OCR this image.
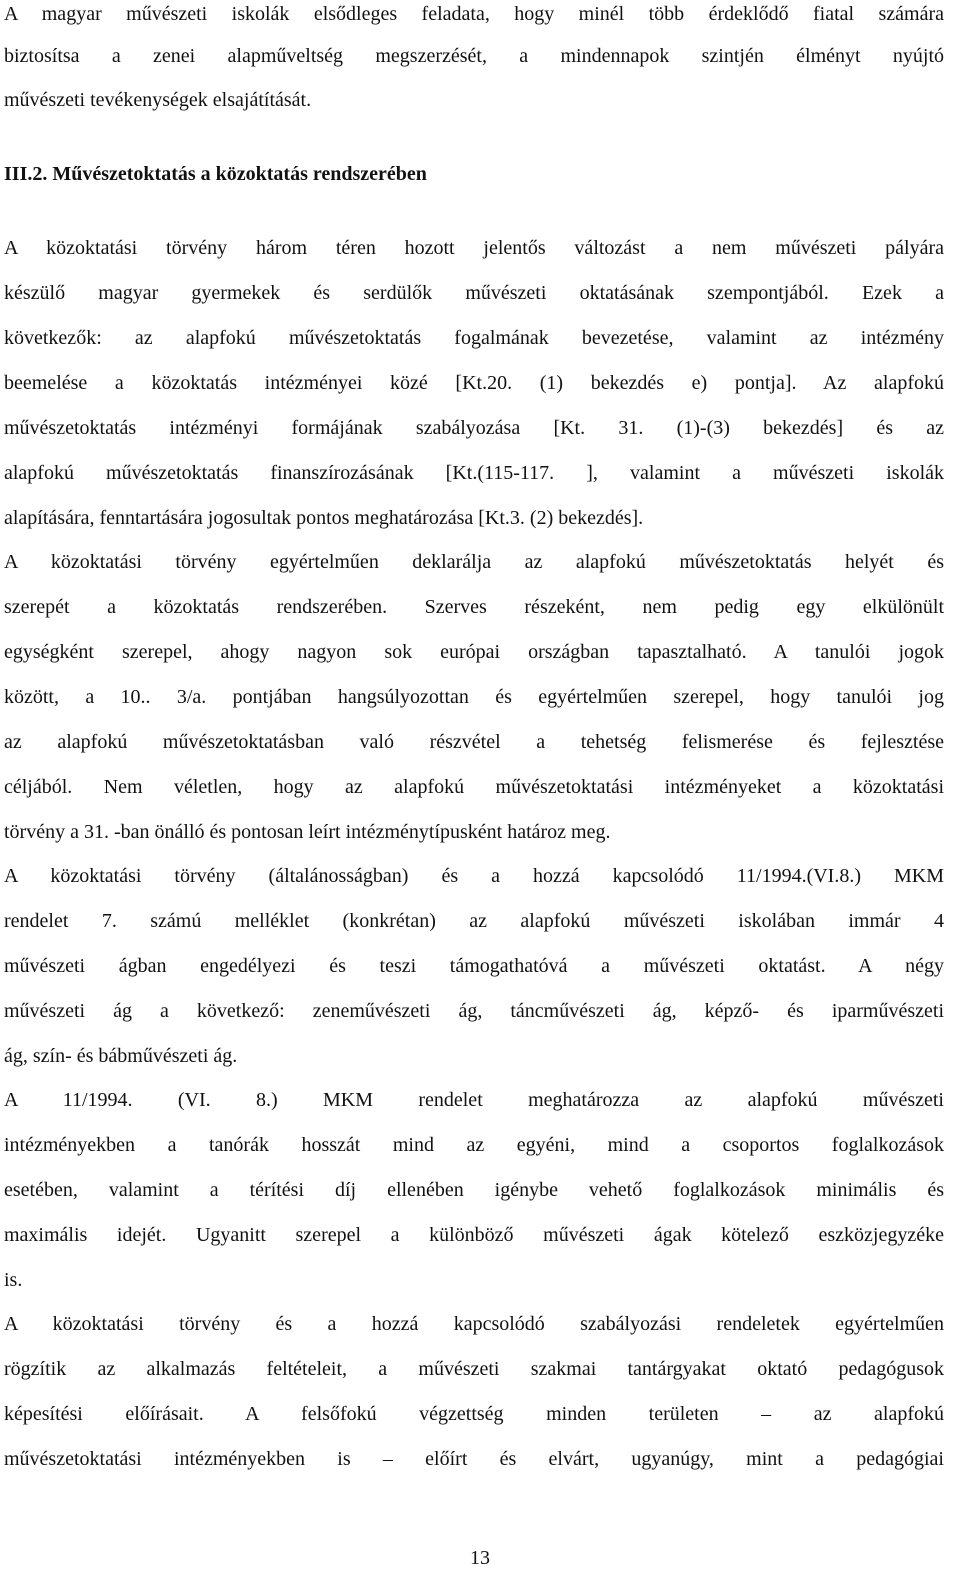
A magyar művészeti iskolák elsődleges feladata, hogy minél több érdeklődő fiatal számára
biztosítsa a zenei alapműveltség megszerzését, a mindennapok szintjén élményt nyújtó
művészeti tevékenységek elsajátítását.
III.2. Művészetoktatás a közoktatás rendszerében
A közoktatási törvény három téren hozott jelentős változást a nem művészeti pályára
készülő magyar gyermekek és serdülők művészeti oktatásának szempontjából. Ezek a
következők: az alapfokú művészetoktatás fogalmának bevezetése, valamint az intézmény
beemelése a közoktatás intézményei közé [Kt.20. (1) bekezdés e) pontja]. Az alapfokú
művészetoktatás intézményi formájának szabályozása [Kt. 31. (1)-(3) bekezdés] és az
alapfokú művészetoktatás finanszírozásának [Kt.(115-117. ], valamint a művészeti iskolák
alapítására, fenntartására jogosultak pontos meghatározása [Kt.3. (2) bekezdés].
A közoktatási törvény egyértelműen deklarálja az alapfokú művészetoktatás helyét és
szerepét a közoktatás rendszerében. Szerves részeként, nem pedig egy elkülönült
egységként szerepel, ahogy nagyon sok európai országban tapasztalható. A tanulói jogok
között, a 10.. 3/a. pontjában hangsúlyozottan és egyértelműen szerepel, hogy tanulói jog
az alapfokú művészetoktatásban való részvétel a tehetség felismerése és fejlesztése
céljából. Nem véletlen, hogy az alapfokú művészetoktatási intézményeket a közoktatási
törvény a 31. -ban önálló és pontosan leírt intézménytípusként határoz meg.
A közoktatási törvény (általánosságban) és a hozzá kapcsolódó 11/1994.(VI.8.) MKM
rendelet 7. számú melléklet (konkrétan) az alapfokú művészeti iskolában immár 4
művészeti ágban engedélyezi és teszi támogathatóvá a művészeti oktatást. A négy
művészeti ág a következő: zeneművészeti ág, táncművészeti ág, képző- és iparművészeti
ág, szín- és bábművészeti ág.
A 11/1994. (VI. 8.) MKM rendelet meghatározza az alapfokú művészeti
intézményekben a tanórák hosszát mind az egyéni, mind a csoportos foglalkozások
esetében, valamint a térítési díj ellenében igénybe vehető foglalkozások minimális és
maximális idejét. Ugyanitt szerepel a különböző művészeti ágak kötelező eszközjegyzéke
is.
A közoktatási törvény és a hozzá kapcsolódó szabályozási rendeletek egyértelműen
rögzítik az alkalmazás feltételeit, a művészeti szakmai tantárgyakat oktató pedagógusok
képesítési előírásait. A felsőfokú végzettség minden területen – az alapfokú
művészetoktatási intézményekben is – előírt és elvárt, ugyanúgy, mint a pedagógiai
13
